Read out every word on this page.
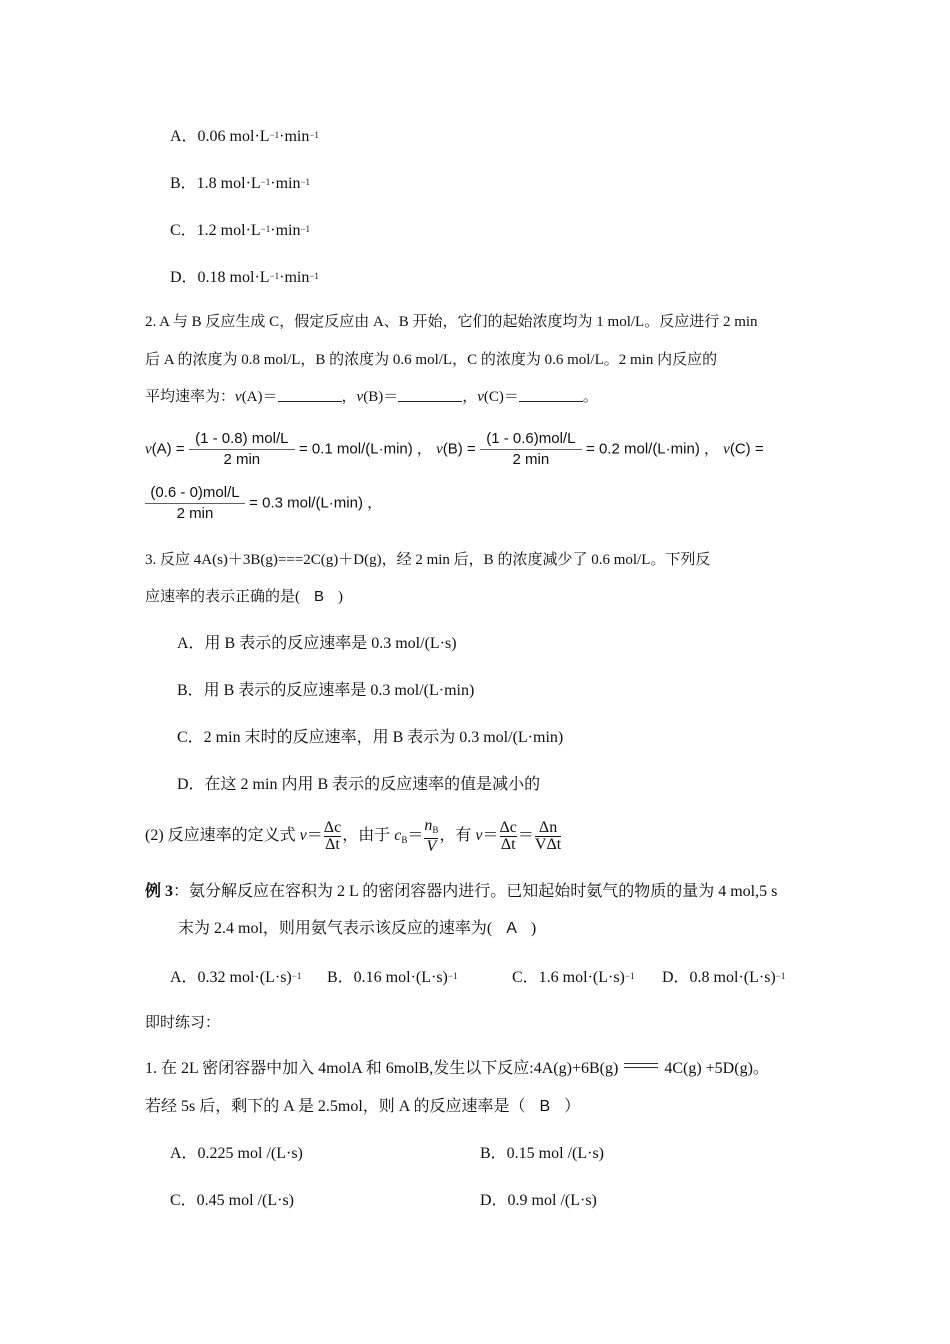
A．0.06 $mol\cdot L^{-1}\cdot\min^{-1}$
B．1.8 $mol\cdot L^{-1}\cdot\min^{-1}$
C．1.2 $mol\cdot L^{-1}\cdot\min^{-1}$
D．0.18 $mol\cdot L^{-1}\cdot\min^{-1}$
2. A 与 B 反应生成 C，假定反应由 A、B 开始，它们的起始浓度均为 1 mol/L。反应进行 2 min
后 A 的浓度为 0.8 mol/L，B 的浓度为 0.6 mol/L，C 的浓度为 0.6 mol/L。2 min 内反应的
平均速率为：v(A)＝	，v(B)＝	，v(C)＝	。
$v(A) = \frac{\text{(1 - 0.8) mol/L}}{2 \min} = 0.1$ mol/(L·min) ， $v(B) = \frac{\text{(1 - 0.6)mol/L}}{2 \min} = 0.2$ mol/(L·min) ， v(C) =
$\frac{\text{(0.6 - 0)mol/L}}{2 \min} = 0.3$ mol/(L·min) ，
3. 反应 4A(s)＋3B(g)===2C(g)＋D(g)，经 2 min 后，B 的浓度减少了 0.6 mol/L。下列反
应速率的表示正确的是( B )
A．用 B 表示的反应速率是 0.3 mol/(L·s)
B．用 B 表示的反应速率是 0.3 mol/(L·min)
C．2 min 末时的反应速率，用 B 表示为 0.3 mol/(L·min)
D．在这 2 min 内用 B 表示的反应速率的值是减小的
(2) 反应速率的定义式 $v= \frac{\Delta c}{\Delta t}$ ，由于 $c_B= \frac{n_B}{V}$ ，有 $v= \frac{\Delta c}{\Delta t} = \Delta n$
VΔt
例 3：氨分解反应在容积为 2 L 的密闭容器内进行。已知起始时氨气的物质的量为 4 mol,5 s
末为 2.4 mol，则用氨气表示该反应的速率为( A )
A．0.32 $mol\cdot(L\cdot s)^{-1}$ B．0.16 $mol\cdot(L\cdot s)^{-1}$	C．1.6 $mol\cdot(L\cdot s)^{-1}$ D．0.8 $mol\cdot(L\cdot s)^{-1}$
即时练习：
1. 在 2L 密闭容器中加入 4molA 和 6molB,发生以下反应:4A(g)+6B(g)	4C(g) +5D(g)。
若经 5s 后，剩下的 A 是 2.5mol，则 A 的反应速率是（ B ）
A．0.225 mol /(L·s)	B．0.15 mol /(L·s)
C．0.45 mol /(L·s)	D．0.9 mol /(L·s)
